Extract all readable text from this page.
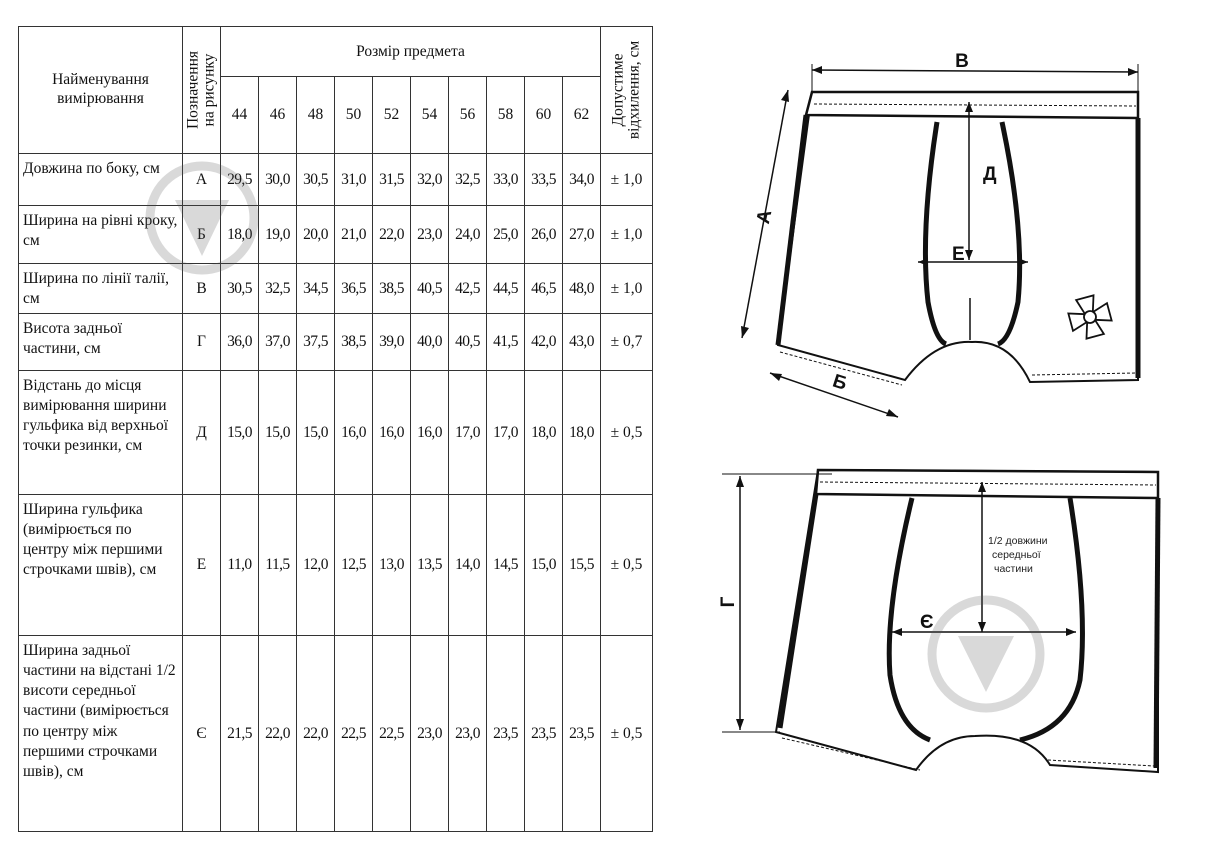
Найменування вимірювання	Позначення
на рисунку	Розмір предмета										Допустиме
відхилення, см

		44	46	48	50	52	54	56	58	60	62	
Довжина по боку, см	А	29,5	30,0	30,5	31,0	31,5	32,0	32,5	33,0	33,5	34,0	± 1,0
Ширина на рівні кроку, см	Б	18,0	19,0	20,0	21,0	22,0	23,0	24,0	25,0	26,0	27,0	± 1,0
Ширина по лінії талії, см	В	30,5	32,5	34,5	36,5	38,5	40,5	42,5	44,5	46,5	48,0	± 1,0
Висота задньої частини, см	Г	36,0	37,0	37,5	38,5	39,0	40,0	40,5	41,5	42,0	43,0	± 0,7
Відстань до місця вимірювання ширини гульфика від верхньої точки резинки, см	Д	15,0	15,0	15,0	16,0	16,0	16,0	17,0	17,0	18,0	18,0	± 0,5
Ширина гульфика (вимірюється по центру між першими строчками швів), см	Е	11,0	11,5	12,0	12,5	13,0	13,5	14,0	14,5	15,0	15,5	± 0,5
Ширина задньої частини на відстані 1/2 висоти середньої частини (вимірюється по центру між першими строчками швів), см	Є	21,5	22,0	22,0	22,5	22,5	23,0	23,0	23,5	23,5	23,5	± 0,5
В
А
Б
Д
Е
Г
1/2 довжини
середньої
частини
Є
